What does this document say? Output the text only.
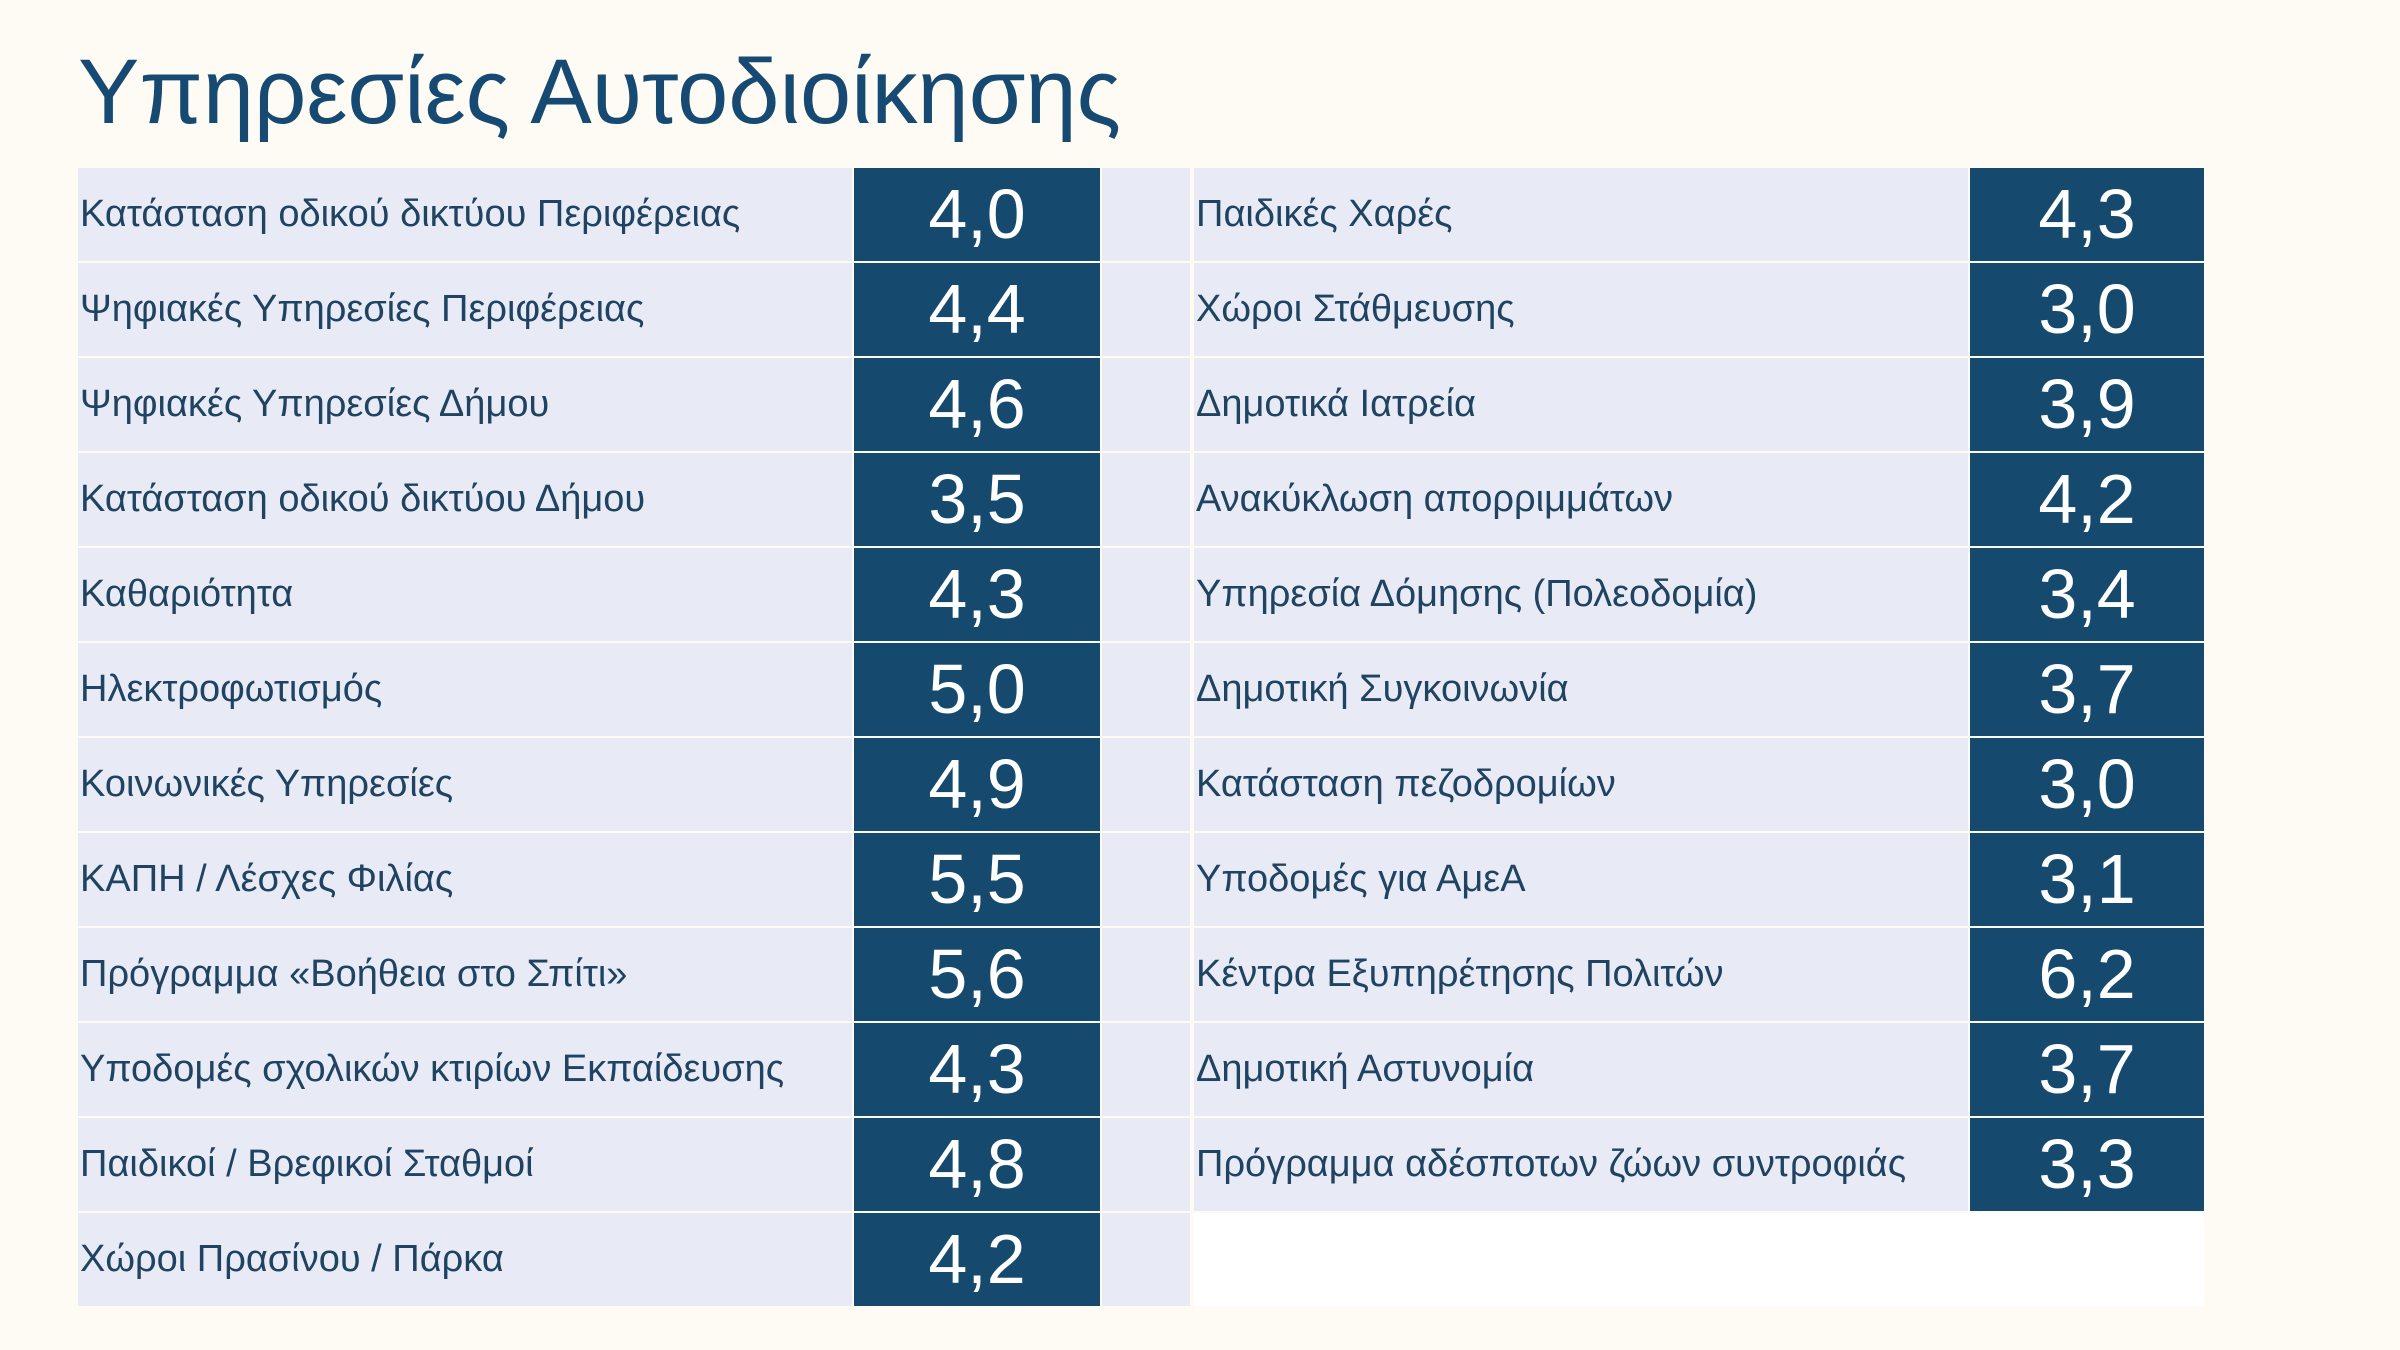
Υπηρεσίες Αυτοδιοίκησης
Κατάσταση οδικού δικτύου Περιφέρειας	4,0
Ψηφιακές Υπηρεσίες Περιφέρειας	4,4
Ψηφιακές Υπηρεσίες Δήμου	4,6
Κατάσταση οδικού δικτύου Δήμου	3,5
Καθαριότητα	4,3
Ηλεκτροφωτισμός	5,0
Κοινωνικές Υπηρεσίες	4,9
ΚΑΠΗ / Λέσχες Φιλίας	5,5
Πρόγραμμα «Βοήθεια στο Σπίτι»	5,6
Υποδομές σχολικών κτιρίων Εκπαίδευσης	4,3
Παιδικοί / Βρεφικοί Σταθμοί	4,8
Χώροι Πρασίνου / Πάρκα	4,2
Παιδικές Χαρές	4,3
Χώροι Στάθμευσης	3,0
Δημοτικά Ιατρεία	3,9
Ανακύκλωση απορριμμάτων	4,2
Υπηρεσία Δόμησης (Πολεοδομία)	3,4
Δημοτική Συγκοινωνία	3,7
Κατάσταση πεζοδρομίων	3,0
Υποδομές για ΑμεΑ	3,1
Κέντρα Εξυπηρέτησης Πολιτών	6,2
Δημοτική Αστυνομία	3,7
Πρόγραμμα αδέσποτων ζώων συντροφιάς	3,3
